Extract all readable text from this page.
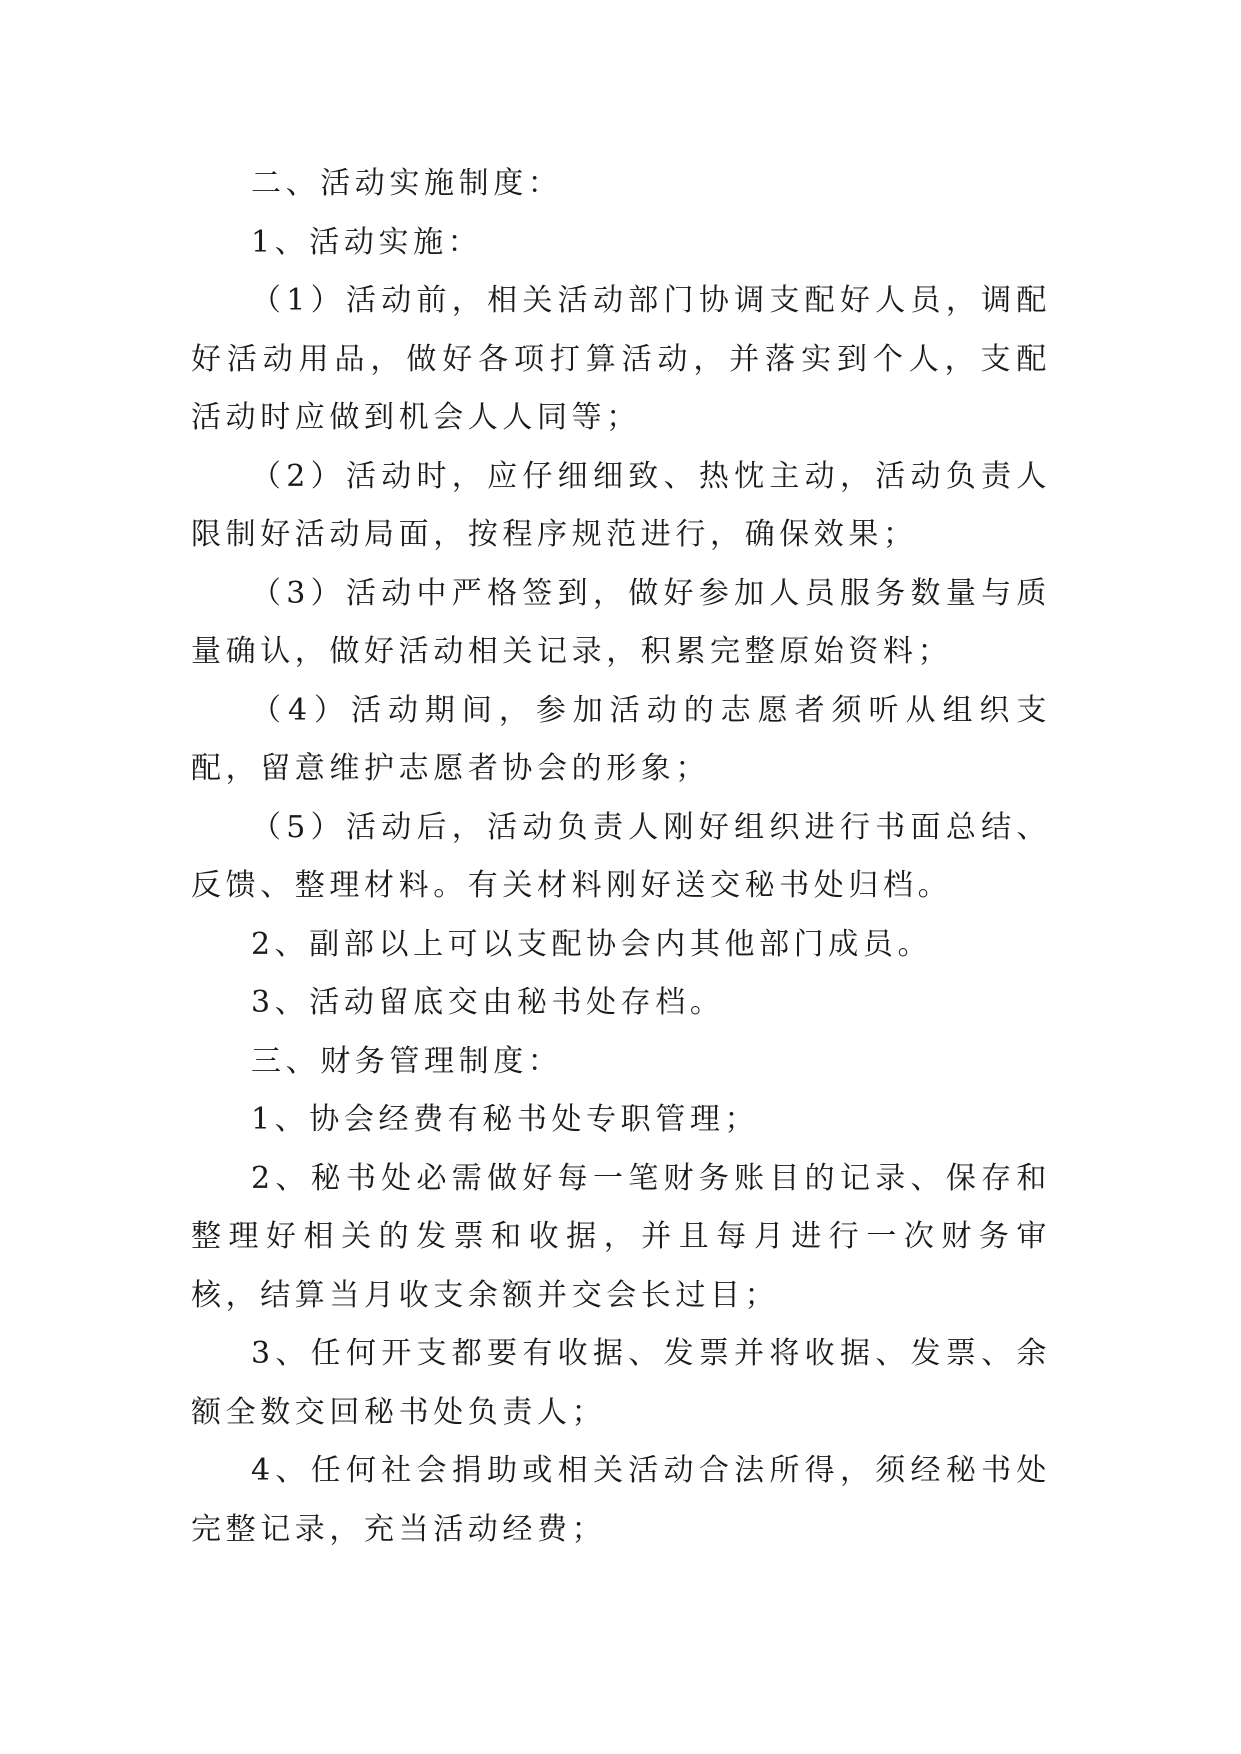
二、活动实施制度：

1、活动实施：

（1）活动前，相关活动部门协调支配好人员，调配好活动用品，做好各项打算活动，并落实到个人，支配活动时应做到机会人人同等；

（2）活动时，应仔细细致、热忱主动，活动负责人限制好活动局面，按程序规范进行，确保效果；

（3）活动中严格签到，做好参加人员服务数量与质量确认，做好活动相关记录，积累完整原始资料；

（4）活动期间，参加活动的志愿者须听从组织支配，留意维护志愿者协会的形象；

（5）活动后，活动负责人刚好组织进行书面总结、反馈、整理材料。有关材料刚好送交秘书处归档。

2、副部以上可以支配协会内其他部门成员。

3、活动留底交由秘书处存档。

三、财务管理制度：

1、协会经费有秘书处专职管理；

2、秘书处必需做好每一笔财务账目的记录、保存和整理好相关的发票和收据，并且每月进行一次财务审核，结算当月收支余额并交会长过目；

3、任何开支都要有收据、发票并将收据、发票、余额全数交回秘书处负责人；

4、任何社会捐助或相关活动合法所得，须经秘书处完整记录，充当活动经费；
